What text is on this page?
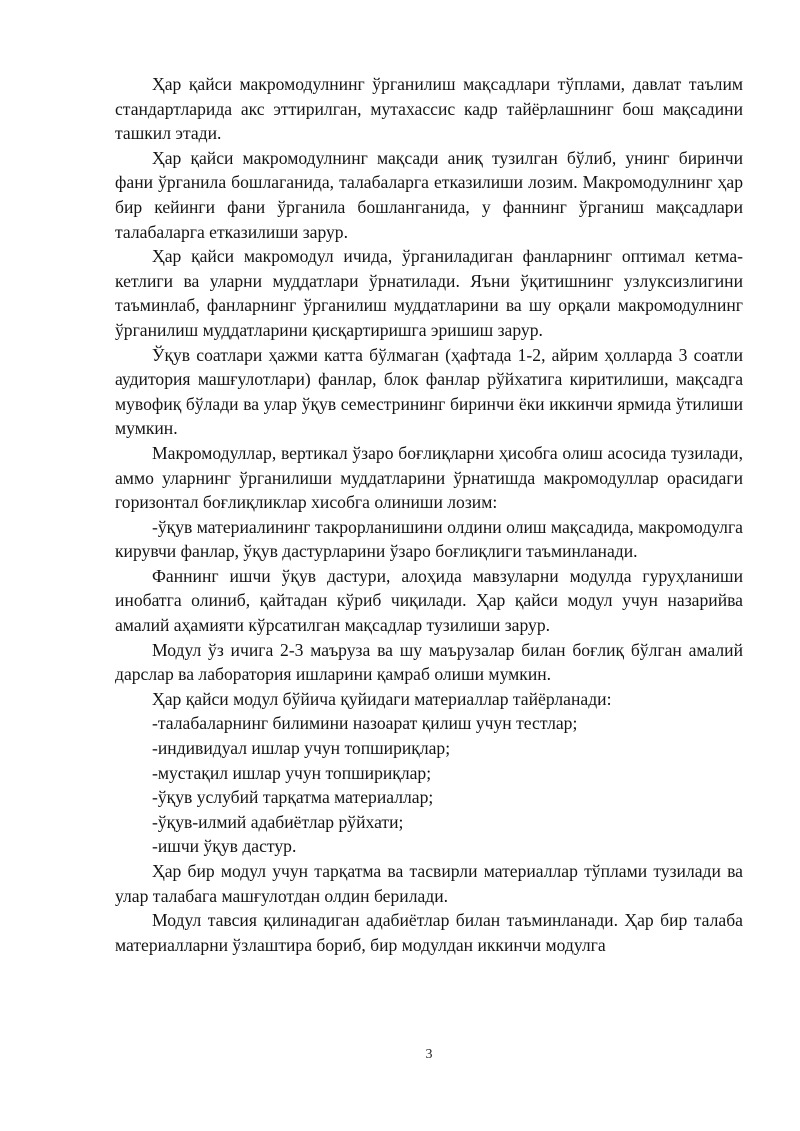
Ҳар қайси макромодулнинг ўрганилиш мақсадлари тўплами, давлат таълим стандартларида акс эттирилган, мутахассис кадр тайёрлашнинг бош мақсадини ташкил этади.

Ҳар қайси макромодулнинг мақсади аниқ тузилган бўлиб, унинг биринчи фани ўрганила бошлаганида, талабаларга етказилиши лозим. Макромодулнинг ҳар бир кейинги фани ўрганила бошланганида, у фаннинг ўрганиш мақсадлари талабаларга етказилиши зарур.

Ҳар қайси макромодул ичида, ўрганиладиган фанларнинг оптимал кетма-кетлиги ва уларни муддатлари ўрнатилади. Яъни ўқитишнинг узлуксизлигини таъминлаб, фанларнинг ўрганилиш муддатларини ва шу орқали макромодулнинг ўрганилиш муддатларини қисқартиришга эришиш зарур.

Ўқув соатлари ҳажми катта бўлмаган (ҳафтада 1-2, айрим ҳолларда 3 соатли аудитория машғулотлари) фанлар, блок фанлар рўйхатига киритилиши, мақсадга мувофиқ бўлади ва улар ўқув семестрининг биринчи ёки иккинчи ярмида ўтилиши мумкин.

Макромодуллар, вертикал ўзаро боғлиқларни ҳисобга олиш асосида тузилади, аммо уларнинг ўрганилиши муддатларини ўрнатишда макромодуллар орасидаги горизонтал боғлиқликлар хисобга олиниши лозим:

-ўқув материалининг такрорланишини олдини олиш мақсадида, макромодулга кирувчи фанлар, ўқув дастурларини ўзаро боғлиқлиги таъминланади.

Фаннинг ишчи ўқув дастури, алоҳида мавзуларни модулда гуруҳланиши инобатга олиниб, қайтадан кўриб чиқилади. Ҳар қайси модул учун назарийва амалий аҳамияти кўрсатилган мақсадлар тузилиши зарур.

Модул ўз ичига 2-3 маъруза ва шу маърузалар билан боғлиқ бўлган амалий дарслар ва лаборатория ишларини қамраб олиши мумкин.

Ҳар қайси модул бўйича қуйидаги материаллар тайёрланади:

-талабаларнинг билимини назоарат қилиш учун тестлар;

-индивидуал ишлар учун топшириқлар;

-мустақил ишлар учун топшириқлар;

-ўқув услубий тарқатма материаллар;

-ўқув-илмий адабиётлар рўйхати;

-ишчи ўқув дастур.

Ҳар бир модул учун тарқатма ва тасвирли материаллар тўплами тузилади ва улар талабага машғулотдан олдин берилади.

Модул тавсия қилинадиган адабиётлар билан таъминланади. Ҳар бир талаба материалларни ўзлаштира бориб, бир модулдан иккинчи модулга

3
